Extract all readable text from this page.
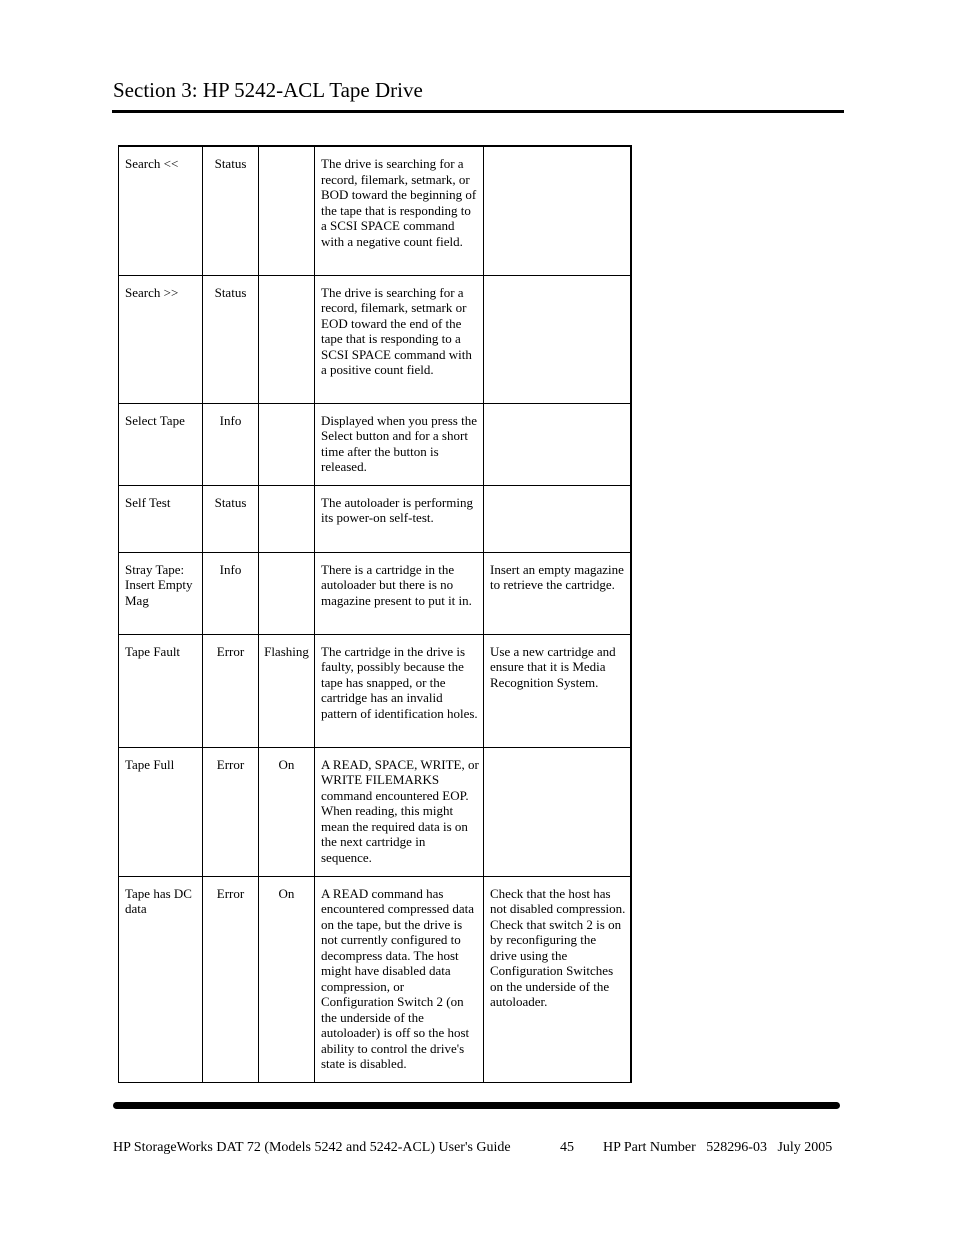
Section 3: HP 5242-ACL Tape Drive
Search <<	Status		The drive is searching for a record, filemark, setmark, or BOD toward the beginning of the tape that is responding to a SCSI SPACE command with a negative count field.	
Search >>	Status		The drive is searching for a record, filemark, setmark or EOD toward the end of the tape that is responding to a SCSI SPACE command with a positive count field.	
Select Tape	Info		Displayed when you press the Select button and for a short time after the button is released.	
Self Test	Status		The autoloader is performing its power-on self-test.	
Stray Tape: Insert Empty Mag	Info		There is a cartridge in the autoloader but there is no magazine present to put it in.	Insert an empty magazine to retrieve the cartridge.
Tape Fault	Error	Flashing	The cartridge in the drive is faulty, possibly because the tape has snapped, or the cartridge has an invalid pattern of identification holes.	Use a new cartridge and ensure that it is Media Recognition System.
Tape Full	Error	On	A READ, SPACE, WRITE, or WRITE FILEMARKS command encountered EOP. When reading, this might mean the required data is on the next cartridge in sequence.	
Tape has DC data	Error	On	A READ command has encountered compressed data on the tape, but the drive is not currently configured to decompress data. The host might have disabled data compression, or Configuration Switch 2 (on the underside of the autoloader) is off so the host ability to control the drive's state is disabled.	Check that the host has not disabled compression. Check that switch 2 is on by reconfiguring the drive using the Configuration Switches on the underside of the autoloader.
HP StorageWorks DAT 72 (Models 5242 and 5242-ACL) User's Guide	45 HP Part Number   528296-03   July 2005
